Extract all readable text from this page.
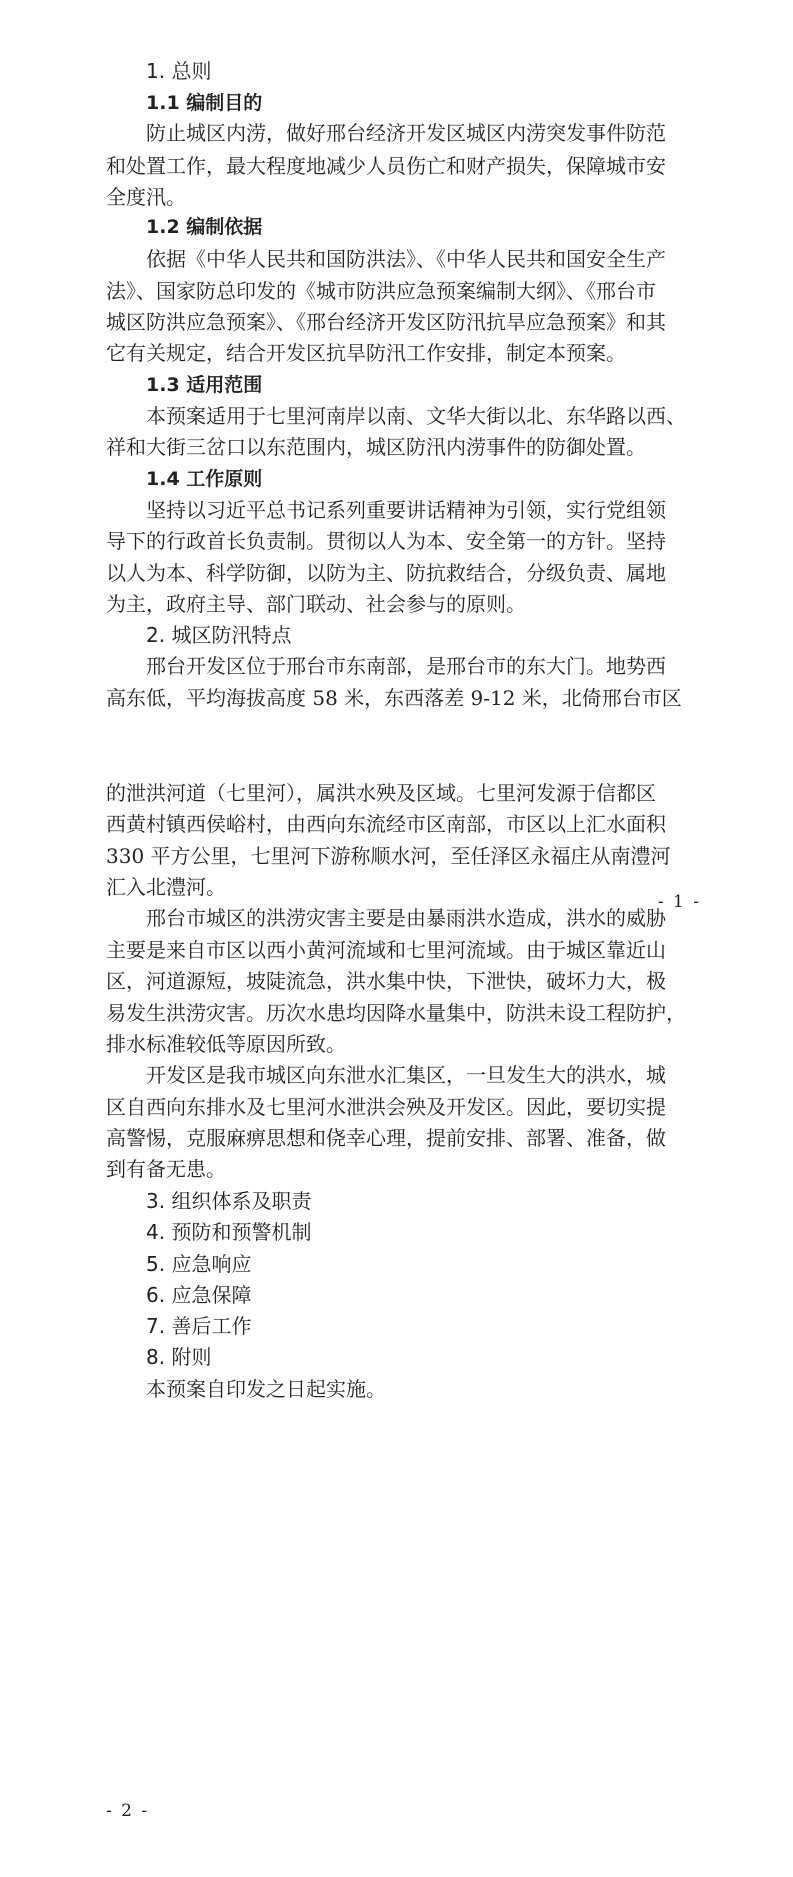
- 1 -
- 2 -
1. 总则
1.1 编制目的
防止城区内涝，做好邢台经济开发区城区内涝突发事件防范
和处置工作，最大程度地减少人员伤亡和财产损失，保障城市安
全度汛。
1.2 编制依据
依据《中华人民共和国防洪法》、《中华人民共和国安全生产
法》、国家防总印发的《城市防洪应急预案编制大纲》、《邢台市
城区防洪应急预案》、《邢台经济开发区防汛抗旱应急预案》和其
它有关规定，结合开发区抗旱防汛工作安排，制定本预案。
1.3 适用范围
本预案适用于七里河南岸以南、文华大街以北、东华路以西、
祥和大街三岔口以东范围内，城区防汛内涝事件的防御处置。
1.4 工作原则
坚持以习近平总书记系列重要讲话精神为引领，实行党组领
导下的行政首长负责制。贯彻以人为本、安全第一的方针。坚持
以人为本、科学防御，以防为主、防抗救结合，分级负责、属地
为主，政府主导、部门联动、社会参与的原则。
2. 城区防汛特点
邢台开发区位于邢台市东南部，是邢台市的东大门。地势西
高东低，平均海拔高度 58 米，东西落差 9-12 米，北倚邢台市区
的泄洪河道（七里河），属洪水殃及区域。七里河发源于信都区
西黄村镇西侯峪村，由西向东流经市区南部，市区以上汇水面积
330 平方公里，七里河下游称顺水河，至任泽区永福庄从南澧河
汇入北澧河。
邢台市城区的洪涝灾害主要是由暴雨洪水造成，洪水的威胁
主要是来自市区以西小黄河流域和七里河流域。由于城区靠近山
区，河道源短，坡陡流急，洪水集中快，下泄快，破坏力大，极
易发生洪涝灾害。历次水患均因降水量集中，防洪未设工程防护，
排水标准较低等原因所致。
开发区是我市城区向东泄水汇集区，一旦发生大的洪水，城
区自西向东排水及七里河水泄洪会殃及开发区。因此，要切实提
高警惕，克服麻痹思想和侥幸心理，提前安排、部署、准备，做
到有备无患。
3. 组织体系及职责
4. 预防和预警机制
5. 应急响应
6. 应急保障
7. 善后工作
8. 附则
本预案自印发之日起实施。
